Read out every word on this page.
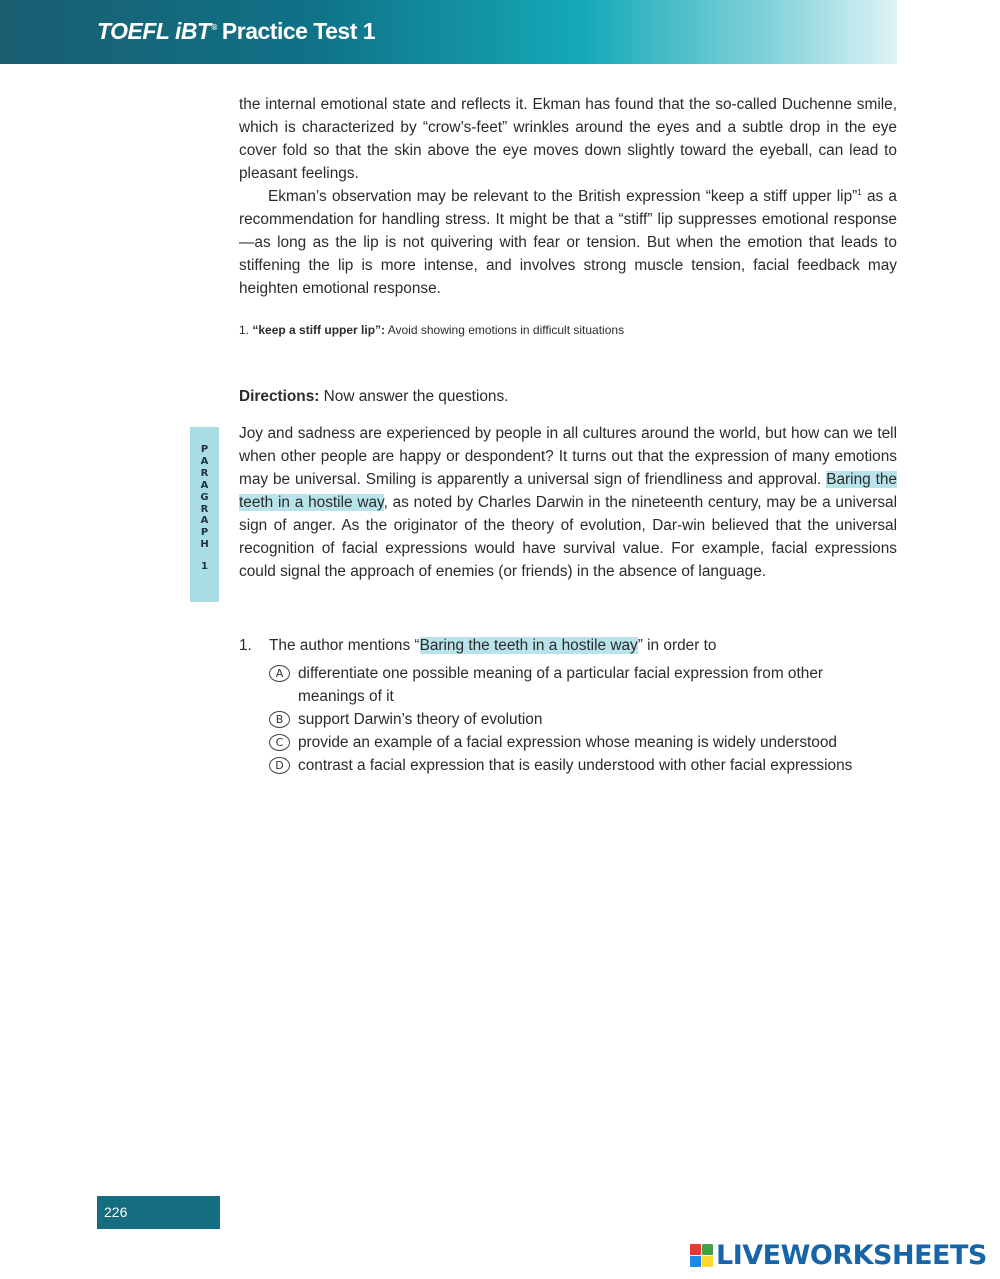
TOEFL iBT® Practice Test 1

the internal emotional state and reflects it. Ekman has found that the so-called Duchenne smile, which is characterized by “crow’s-feet” wrinkles around the eyes and a subtle drop in the eye cover fold so that the skin above the eye moves down slightly toward the eyeball, can lead to pleasant feelings.

Ekman’s observation may be relevant to the British expression “keep a stiff upper lip”$^1$ as a recommendation for handling stress. It might be that a “stiff” lip suppresses emotional response—as long as the lip is not quivering with fear or tension. But when the emotion that leads to stiffening the lip is more intense, and involves strong muscle tension, facial feedback may heighten emotional response.

1. “keep a stiff upper lip”: Avoid showing emotions in difficult situations

Directions: Now answer the questions.

P
A
R
A
G
R
A
P
H
1

Joy and sadness are experienced by people in all cultures around the world, but how can we tell when other people are happy or despondent? It turns out that the expression of many emotions may be universal. Smiling is apparently a universal sign of friendliness and approval. Baring the teeth in a hostile way, as noted by Charles Darwin in the nineteenth century, may be a universal sign of anger. As the originator of the theory of evolution, Dar-win believed that the universal recognition of facial expressions would have survival value. For example, facial expressions could signal the approach of enemies (or friends) in the absence of language.

1. The author mentions “Baring the teeth in a hostile way” in order to
A differentiate one possible meaning of a particular facial expression from other meanings of it
B support Darwin’s theory of evolution
C provide an example of a facial expression whose meaning is widely understood
D contrast a facial expression that is easily understood with other facial expressions
226
LIVEWORKSHEETS
